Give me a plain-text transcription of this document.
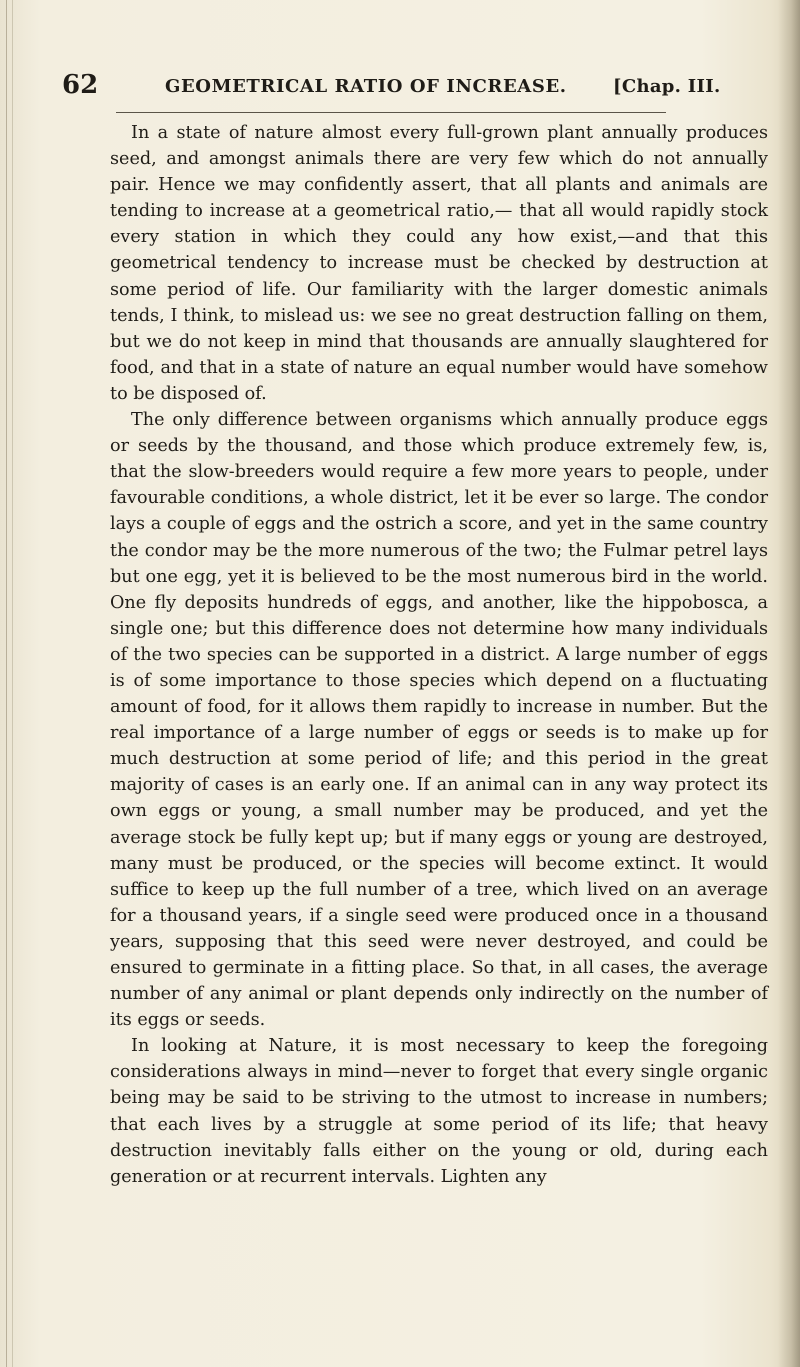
62	GEOMETRICAL RATIO OF INCREASE.	[Chap. III.

In a state of nature almost every full-grown plant annually produces seed, and amongst animals there are very few which do not annually pair. Hence we may confidently assert, that all plants and animals are tending to increase at a geometrical ratio,— that all would rapidly stock every station in which they could any how exist,—and that this geometrical tendency to increase must be checked by destruction at some period of life. Our familiarity with the larger domestic animals tends, I think, to mislead us: we see no great destruction falling on them, but we do not keep in mind that thousands are annually slaughtered for food, and that in a state of nature an equal number would have somehow to be disposed of.

The only difference between organisms which annually produce eggs or seeds by the thousand, and those which produce extremely few, is, that the slow-breeders would require a few more years to people, under favourable conditions, a whole district, let it be ever so large. The condor lays a couple of eggs and the ostrich a score, and yet in the same country the condor may be the more numerous of the two; the Fulmar petrel lays but one egg, yet it is believed to be the most numerous bird in the world. One fly deposits hundreds of eggs, and another, like the hippobosca, a single one; but this difference does not determine how many individuals of the two species can be supported in a district. A large number of eggs is of some importance to those species which depend on a fluctuating amount of food, for it allows them rapidly to increase in number. But the real importance of a large number of eggs or seeds is to make up for much destruction at some period of life; and this period in the great majority of cases is an early one. If an animal can in any way protect its own eggs or young, a small number may be produced, and yet the average stock be fully kept up; but if many eggs or young are destroyed, many must be produced, or the species will become extinct. It would suffice to keep up the full number of a tree, which lived on an average for a thousand years, if a single seed were produced once in a thousand years, supposing that this seed were never destroyed, and could be ensured to germinate in a fitting place. So that, in all cases, the average number of any animal or plant depends only indirectly on the number of its eggs or seeds.

In looking at Nature, it is most necessary to keep the foregoing considerations always in mind—never to forget that every single organic being may be said to be striving to the utmost to increase in numbers; that each lives by a struggle at some period of its life; that heavy destruction inevitably falls either on the young or old, during each generation or at recurrent intervals. Lighten any
